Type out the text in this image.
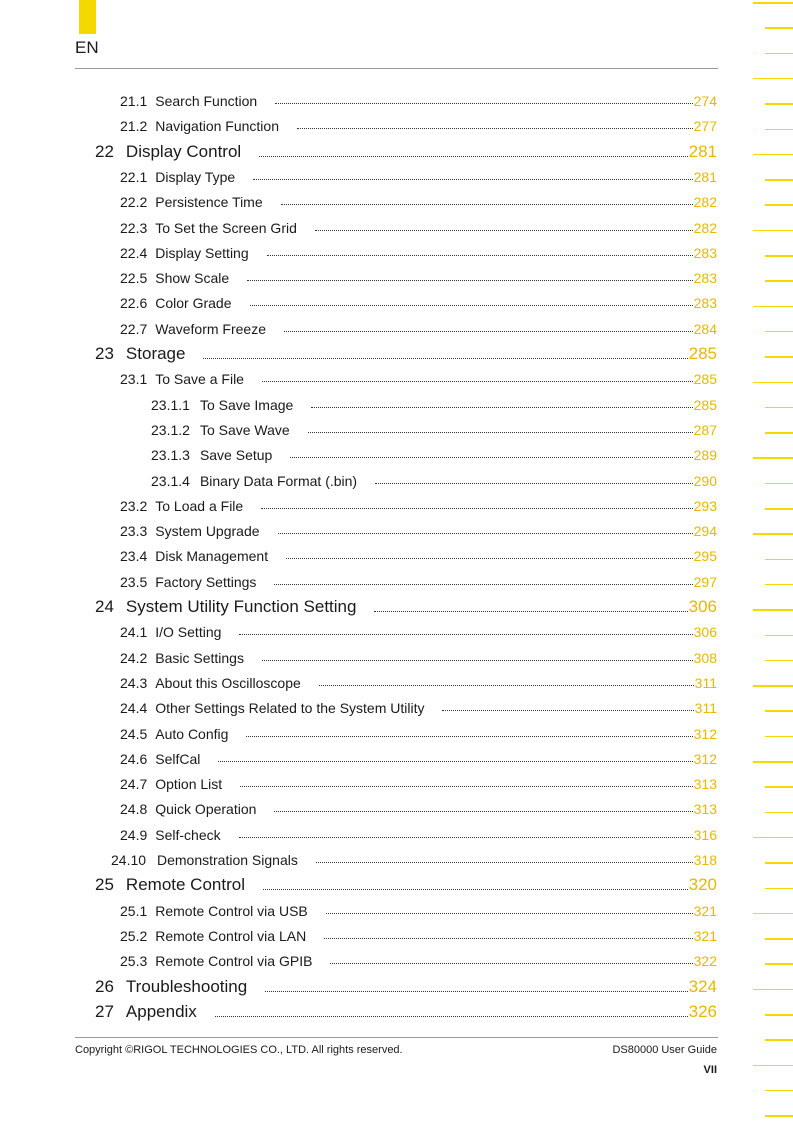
EN
21.1 Search Function	274
21.2 Navigation Function	277
22 Display Control	281
22.1 Display Type	281
22.2 Persistence Time	282
22.3 To Set the Screen Grid	282
22.4 Display Setting	283
22.5 Show Scale	283
22.6 Color Grade	283
22.7 Waveform Freeze	284
23 Storage	285
23.1 To Save a File	285
23.1.1 To Save Image	285
23.1.2 To Save Wave	287
23.1.3 Save Setup	289
23.1.4 Binary Data Format (.bin)	290
23.2 To Load a File	293
23.3 System Upgrade	294
23.4 Disk Management	295
23.5 Factory Settings	297
24 System Utility Function Setting	306
24.1 I/O Setting	306
24.2 Basic Settings	308
24.3 About this Oscilloscope	311
24.4 Other Settings Related to the System Utility	311
24.5 Auto Config	312
24.6 SelfCal	312
24.7 Option List	313
24.8 Quick Operation	313
24.9 Self-check	316
24.10 Demonstration Signals	318
25 Remote Control	320
25.1 Remote Control via USB	321
25.2 Remote Control via LAN	321
25.3 Remote Control via GPIB	322
26 Troubleshooting	324
27 Appendix	326
Copyright ©RIGOL TECHNOLOGIES CO., LTD. All rights reserved.	DS80000 User Guide
VII
